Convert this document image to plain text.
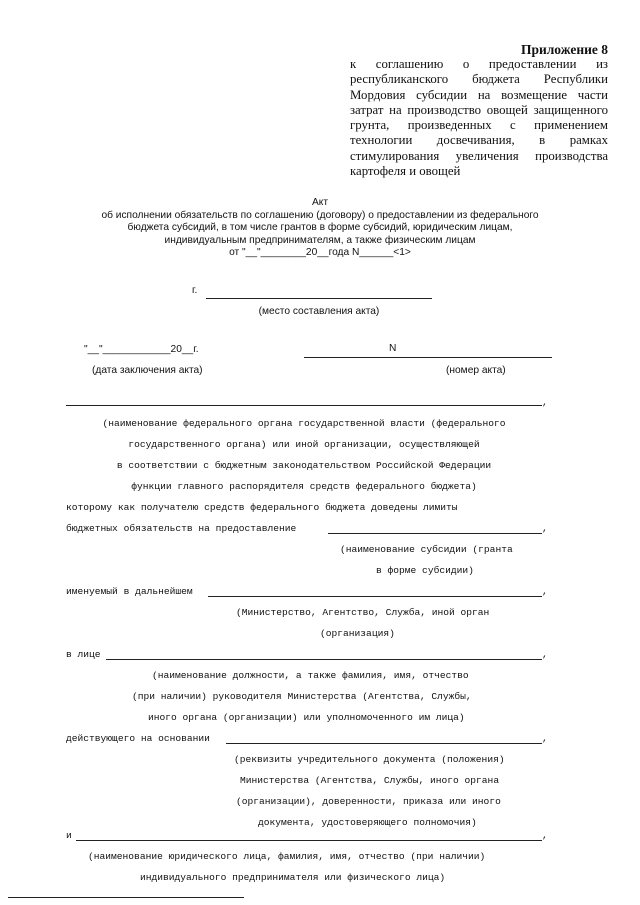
Приложение 8
к соглашению о предоставлении из республиканского бюджета Республики Мордовия субсидии на возмещение части затрат на производство овощей защищенного грунта, произведенных с применением технологии досвечивания, в рамках стимулирования увеличения производства картофеля и овощей
Акт
об исполнении обязательств по соглашению (договору) о предоставлении из федерального
бюджета субсидий, в том числе грантов в форме субсидий, юридическим лицам,
индивидуальным предпринимателям, а также физическим лицам
от "__"________20__года N______<1>
г.
(место составления акта)
"__"____________20__г.
(дата заключения акта)
N
(номер акта)
,
(наименование федерального органа государственной власти (федерального
государственного органа) или иной организации, осуществляющей
в соответствии с бюджетным законодательством Российской Федерации
функции главного распорядителя средств федерального бюджета)
которому как получателю средств федерального бюджета доведены лимиты
бюджетных обязательств на предоставление	,
(наименование субсидии (гранта
в форме субсидии)
именуемый в дальнейшем	,
(Министерство, Агентство, Служба, иной орган
(организация)
в лице	,
(наименование должности, а также фамилия, имя, отчество
(при наличии) руководителя Министерства (Агентства, Службы,
иного органа (организации) или уполномоченного им лица)
действующего на основании	,
(реквизиты учредительного документа (положения)
Министерства (Агентства, Службы, иного органа
(организации), доверенности, приказа или иного
документа, удостоверяющего полномочия)
и	,
(наименование юридического лица, фамилия, имя, отчество (при наличии)
индивидуального предпринимателя или физического лица)
